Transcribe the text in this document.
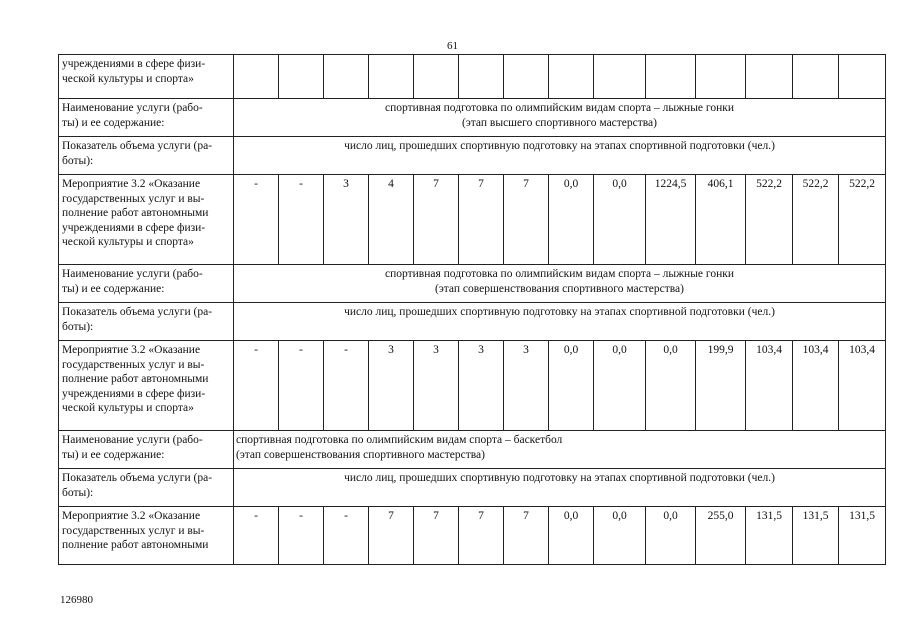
61
учреждениями в сфере физи-
ческой культуры и спорта»														
Наименование услуги (рабо-
ты) и ее содержание:	спортивная подготовка по олимпийским видам спорта – лыжные гонки
(этап высшего спортивного мастерства)													

Показатель объема услуги (ра-
боты):	число лиц, прошедших спортивную подготовку на этапах спортивной подготовки (чел.)													

Мероприятие 3.2 «Оказание
государственных услуг и вы-
полнение работ автономными
учреждениями в сфере физи-
ческой культуры и спорта»	-	-	3	4	7	7	7	0,0	0,0	1224,5	406,1	522,2	522,2	522,2
Наименование услуги (рабо-
ты) и ее содержание:	спортивная подготовка по олимпийским видам спорта – лыжные гонки
(этап совершенствования спортивного мастерства)													

Показатель объема услуги (ра-
боты):	число лиц, прошедших спортивную подготовку на этапах спортивной подготовки (чел.)													

Мероприятие 3.2 «Оказание
государственных услуг и вы-
полнение работ автономными
учреждениями в сфере физи-
ческой культуры и спорта»	-	-	-	3	3	3	3	0,0	0,0	0,0	199,9	103,4	103,4	103,4
Наименование услуги (рабо-
ты) и ее содержание:	спортивная подготовка по олимпийским видам спорта – баскетбол
(этап совершенствования спортивного мастерства)													

Показатель объема услуги (ра-
боты):	число лиц, прошедших спортивную подготовку на этапах спортивной подготовки (чел.)													

Мероприятие 3.2 «Оказание
государственных услуг и вы-
полнение работ автономными	-	-	-	7	7	7	7	0,0	0,0	0,0	255,0	131,5	131,5	131,5
126980
